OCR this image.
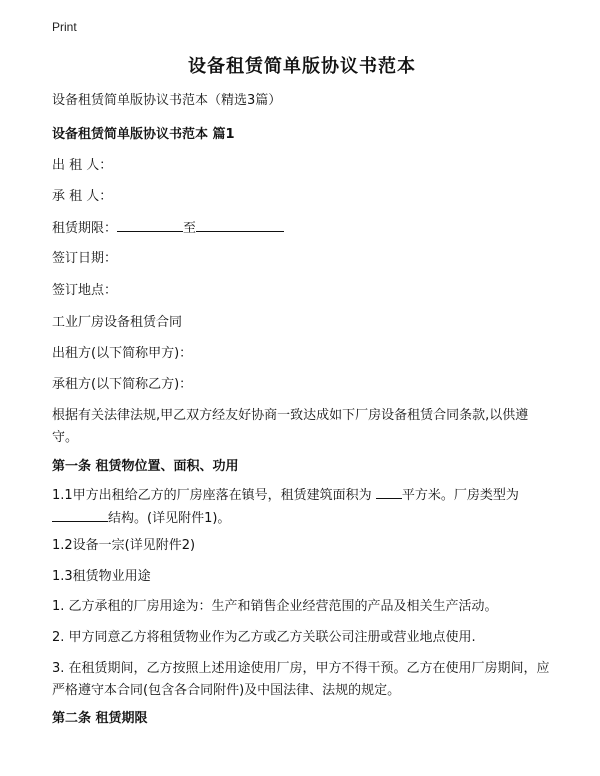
Print
设备租赁简单版协议书范本
设备租赁简单版协议书范本（精选3篇）
设备租赁简单版协议书范本 篇1
出 租 人：
承 租 人：
租赁期限：	至
签订日期：
签订地点：
工业厂房设备租赁合同
出租方(以下简称甲方)：
承租方(以下简称乙方)：
根据有关法律法规,甲乙双方经友好协商一致达成如下厂房设备租赁合同条款,以供遵守。
第一条 租赁物位置、面积、功用
1.1甲方出租给乙方的厂房座落在镇号，租赁建筑面积为 平方米。厂房类型为
结构。(详见附件1)。
1.2设备一宗(详见附件2)
1.3租赁物业用途
1. 乙方承租的厂房用途为：生产和销售企业经营范围的产品及相关生产活动。
2. 甲方同意乙方将租赁物业作为乙方或乙方关联公司注册或营业地点使用.
3. 在租赁期间，乙方按照上述用途使用厂房，甲方不得干预。乙方在使用厂房期间，应严格遵守本合同(包含各合同附件)及中国法律、法规的规定。
第二条 租赁期限
